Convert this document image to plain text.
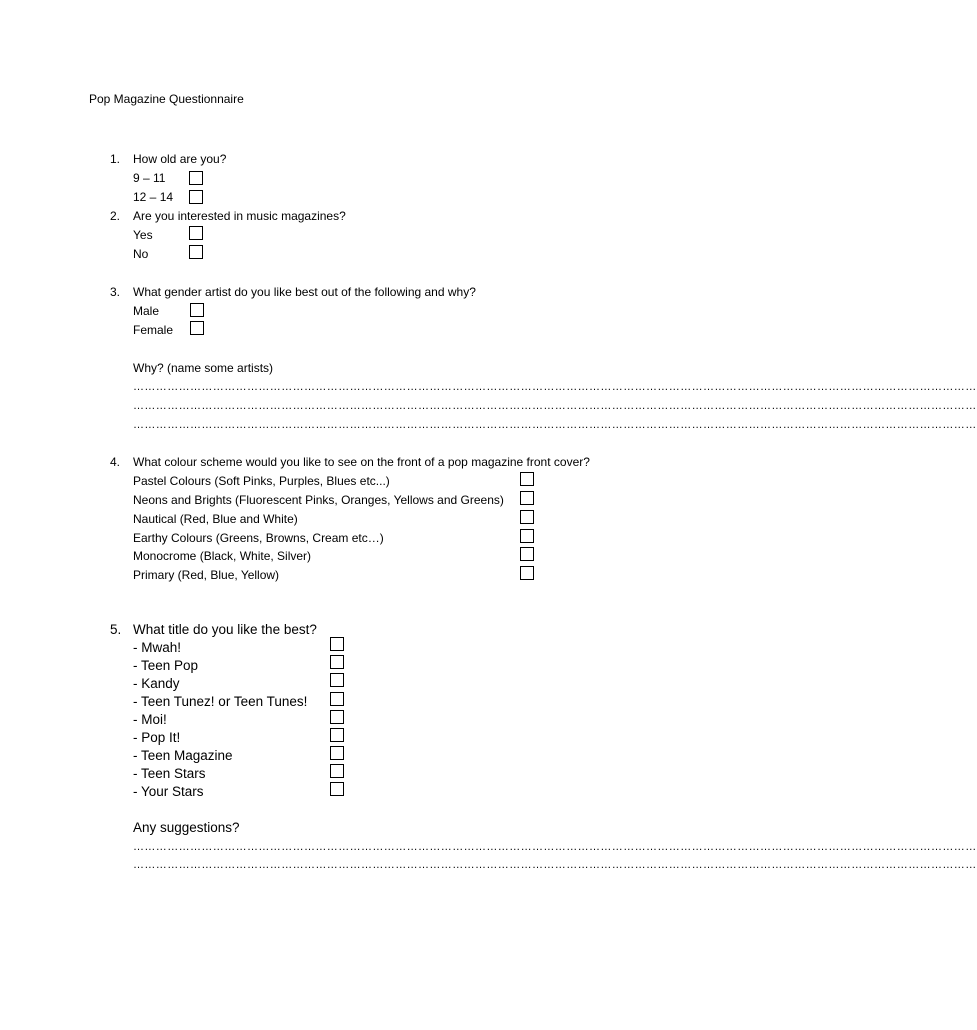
Pop Magazine Questionnaire
1. How old are you?
9 – 11
12 – 14
2. Are you interested in music magazines?
Yes
No
3. What gender artist do you like best out of the following and why?
Male
Female
Why? (name some artists)
……………………………………………………………………………………………………………………………………………………………………………………………………
……………………………………………………………………………………………………………………………………………………………………………………………………
……………………………………………………………………………………………………………………………………………………………………………………………………
4. What colour scheme would you like to see on the front of a pop magazine front cover?
Pastel Colours (Soft Pinks, Purples, Blues etc...)
Neons and Brights (Fluorescent Pinks, Oranges, Yellows and Greens)
Nautical (Red, Blue and White)
Earthy Colours (Greens, Browns, Cream etc…)
Monocrome (Black, White, Silver)
Primary (Red, Blue, Yellow)
5. What title do you like the best?
- Mwah!
- Teen Pop
- Kandy
- Teen Tunez! or Teen Tunes!
- Moi!
- Pop It!
- Teen Magazine
- Teen Stars
- Your Stars
Any suggestions?
……………………………………………………………………………………………………………………………………………………………………………………………………
……………………………………………………………………………………………………………………………………………………………………………………………………
